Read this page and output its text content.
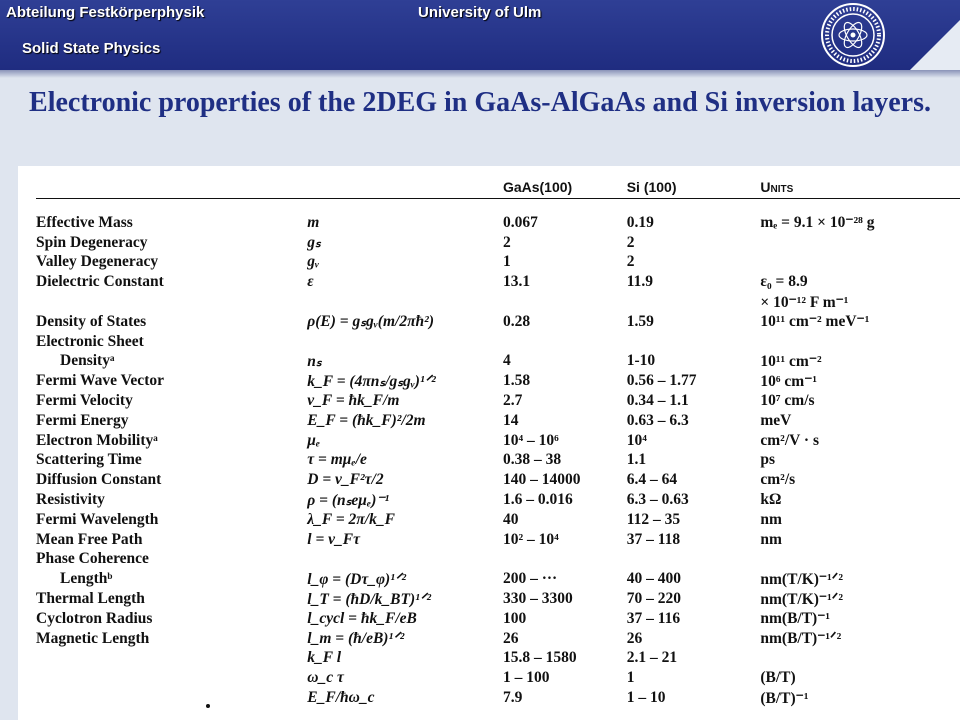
Abteilung Festkörperphysik
Solid State Physics
University of Ulm
Electronic properties of the 2DEG in GaAs-AlGaAs and Si inversion layers.
		GaAs(100)	Si (100)	Units

Effective Mass	m	0.067	0.19	mₑ = 9.1 × 10⁻²⁸ g
Spin Degeneracy	gₛ	2	2	
Valley Degeneracy	gᵥ	1	2	
Dielectric Constant	ε	13.1	11.9	ε₀ = 8.9
				× 10⁻¹² F m⁻¹
Density of States	ρ(E) = gₛgᵥ(m/2πħ²)	0.28	1.59	10¹¹ cm⁻² meV⁻¹
Electronic Sheet				
Densityᵃ	nₛ	4	1-10	10¹¹ cm⁻²
Fermi Wave Vector	k_F = (4πnₛ/gₛgᵥ)¹ᐟ²	1.58	0.56 – 1.77	10⁶ cm⁻¹
Fermi Velocity	v_F = ħk_F/m	2.7	0.34 – 1.1	10⁷ cm/s
Fermi Energy	E_F = (ħk_F)²/2m	14	0.63 – 6.3	meV
Electron Mobilityᵃ	μₑ	10⁴ – 10⁶	10⁴	cm²/V · s
Scattering Time	τ = mμₑ/e	0.38 – 38	1.1	ps
Diffusion Constant	D = v_F²τ/2	140 – 14000	6.4 – 64	cm²/s
Resistivity	ρ = (nₛeμₑ)⁻¹	1.6 – 0.016	6.3 – 0.63	kΩ
Fermi Wavelength	λ_F = 2π/k_F	40	112 – 35	nm
Mean Free Path	l = v_Fτ	10² – 10⁴	37 – 118	nm
Phase Coherence				
Lengthᵇ	l_φ = (Dτ_φ)¹ᐟ²	200 – ···	40 – 400	nm(T/K)⁻¹ᐟ²
Thermal Length	l_T = (ħD/k_BT)¹ᐟ²	330 – 3300	70 – 220	nm(T/K)⁻¹ᐟ²
Cyclotron Radius	l_cycl = ħk_F/eB	100	37 – 116	nm(B/T)⁻¹
Magnetic Length	l_m = (ħ/eB)¹ᐟ²	26	26	nm(B/T)⁻¹ᐟ²
	k_F l	15.8 – 1580	2.1 – 21	
	ω_c τ	1 – 100	1	(B/T)
	E_F/ħω_c	7.9	1 – 10	(B/T)⁻¹
